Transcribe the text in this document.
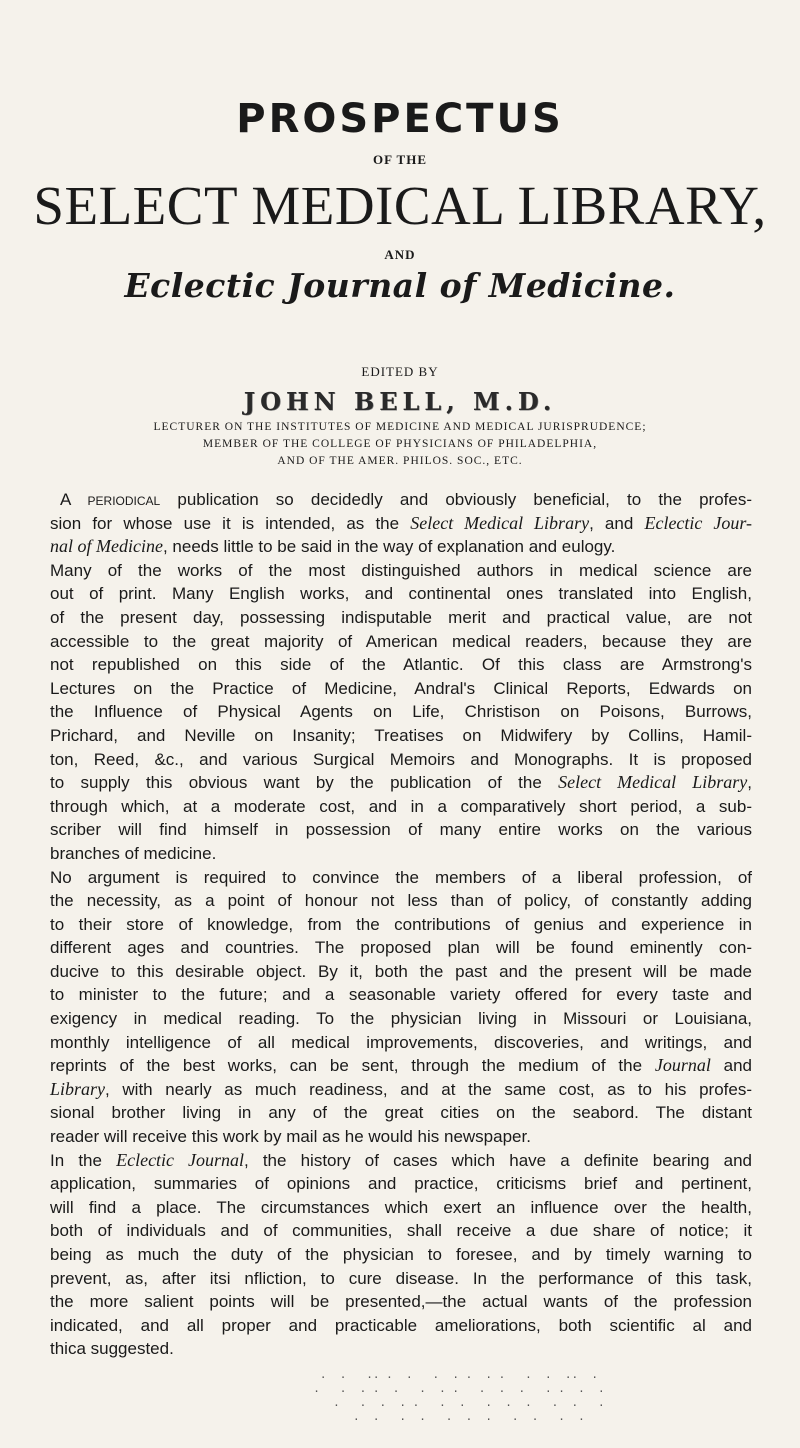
PROSPECTUS
OF THE
SELECT MEDICAL LIBRARY,
AND
Eclectic Journal of Medicine.
EDITED BY
JOHN BELL, M.D.
LECTURER ON THE INSTITUTES OF MEDICINE AND MEDICAL JURISPRUDENCE;
MEMBER OF THE COLLEGE OF PHYSICIANS OF PHILADELPHIA,
AND OF THE AMER. PHILOS. SOC., ETC.
A periodical publication so decidedly and obviously beneficial, to the profes-
sion for whose use it is intended, as the Select Medical Library, and Eclectic Jour-
nal of Medicine, needs little to be said in the way of explanation and eulogy.
Many of the works of the most distinguished authors in medical science are
out of print. Many English works, and continental ones translated into English,
of the present day, possessing indisputable merit and practical value, are not
accessible to the great majority of American medical readers, because they are
not republished on this side of the Atlantic. Of this class are Armstrong's
Lectures on the Practice of Medicine, Andral's Clinical Reports, Edwards on
the Influence of Physical Agents on Life, Christison on Poisons, Burrows,
Prichard, and Neville on Insanity; Treatises on Midwifery by Collins, Hamil-
ton, Reed, &c., and various Surgical Memoirs and Monographs. It is proposed
to supply this obvious want by the publication of the Select Medical Library,
through which, at a moderate cost, and in a comparatively short period, a sub-
scriber will find himself in possession of many entire works on the various
branches of medicine.
No argument is required to convince the members of a liberal profession, of
the necessity, as a point of honour not less than of policy, of constantly adding
to their store of knowledge, from the contributions of genius and experience in
different ages and countries. The proposed plan will be found eminently con-
ducive to this desirable object. By it, both the past and the present will be made
to minister to the future; and a seasonable variety offered for every taste and
exigency in medical reading. To the physician living in Missouri or Louisiana,
monthly intelligence of all medical improvements, discoveries, and writings, and
reprints of the best works, can be sent, through the medium of the Journal and
Library, with nearly as much readiness, and at the same cost, as to his profes-
sional brother living in any of the great cities on the seabord. The distant
reader will receive this work by mail as he would his newspaper.
In the Eclectic Journal, the history of cases which have a definite bearing and
application, summaries of opinions and practice, criticisms brief and pertinent,
will find a place. The circumstances which exert an influence over the health,
both of individuals and of communities, shall receive a due share of notice; it
being as much the duty of the physician to foresee, and by timely warning to
prevent, as, after itsi nfliction, to cure disease. In the performance of this task,
the more salient points will be presented,—the actual wants of the profession
indicated, and all proper and practicable ameliorations, both scientific al and
thica suggested.
.  .   .. .  .   .  . .  . .   .  .  ..  .
.   .  . .  .   .  . .   .  .  .   . .  .  .
.   .  .  . .   .  .   .  .  .   .  .   .
.  .   .  .   .  .  .   .  .   .  .
